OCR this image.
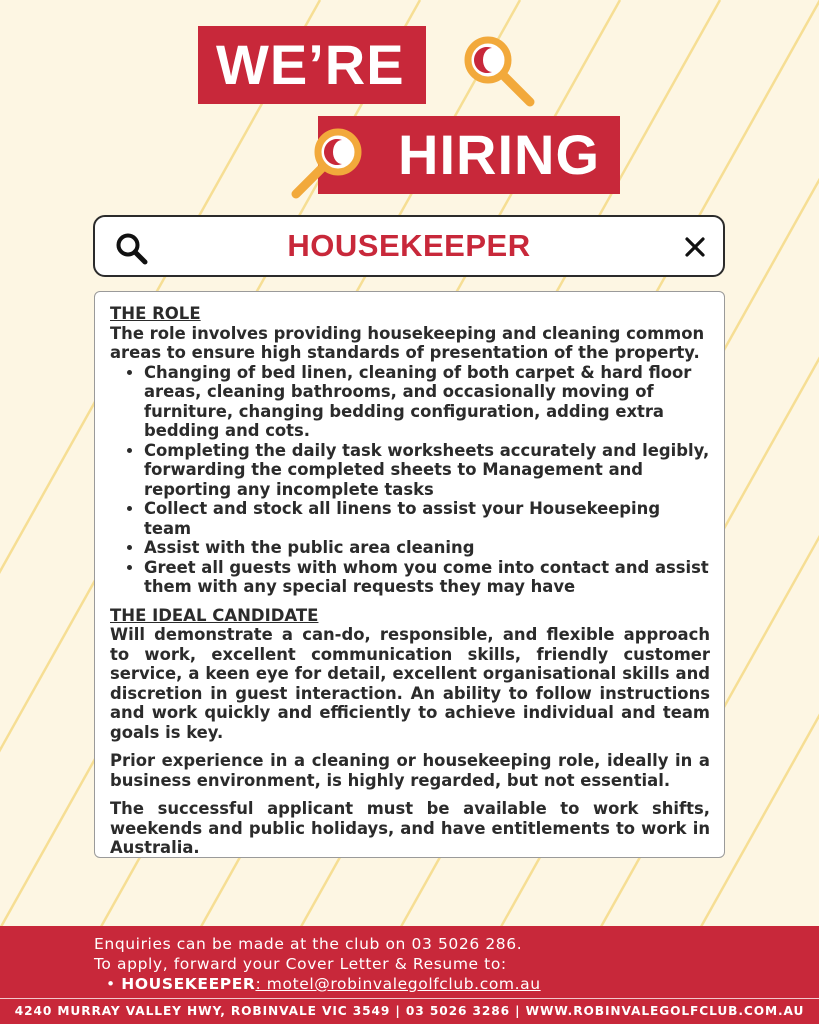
WE’RE
HIRING
HOUSEKEEPER

THE ROLE

The role involves providing housekeeping and cleaning common areas to ensure high standards of presentation of the property.

• Changing of bed linen, cleaning of both carpet & hard floor areas, cleaning bathrooms, and occasionally moving of furniture, changing bedding configuration, adding extra bedding and cots.
• Completing the daily task worksheets accurately and legibly, forwarding the completed sheets to Management and reporting any incomplete tasks
• Collect and stock all linens to assist your Housekeeping team
• Assist with the public area cleaning
• Greet all guests with whom you come into contact and assist them with any special requests they may have

THE IDEAL CANDIDATE

Will demonstrate a can-do, responsible, and flexible approach to work, excellent communication skills, friendly customer service, a keen eye for detail, excellent organisational skills and discretion in guest interaction. An ability to follow instructions and work quickly and efficiently to achieve individual and team goals is key.

Prior experience in a cleaning or housekeeping role, ideally in a business environment, is highly regarded, but not essential.

The successful applicant must be available to work shifts, weekends and public holidays, and have entitlements to work in Australia.

Enquiries can be made at the club on 03 5026 286.
To apply, forward your Cover Letter & Resume to:
• HOUSEKEEPER: motel@robinvalegolfclub.com.au
4240 MURRAY VALLEY HWY, ROBINVALE VIC 3549 | 03 5026 3286 | WWW.ROBINVALEGOLFCLUB.COM.AU
